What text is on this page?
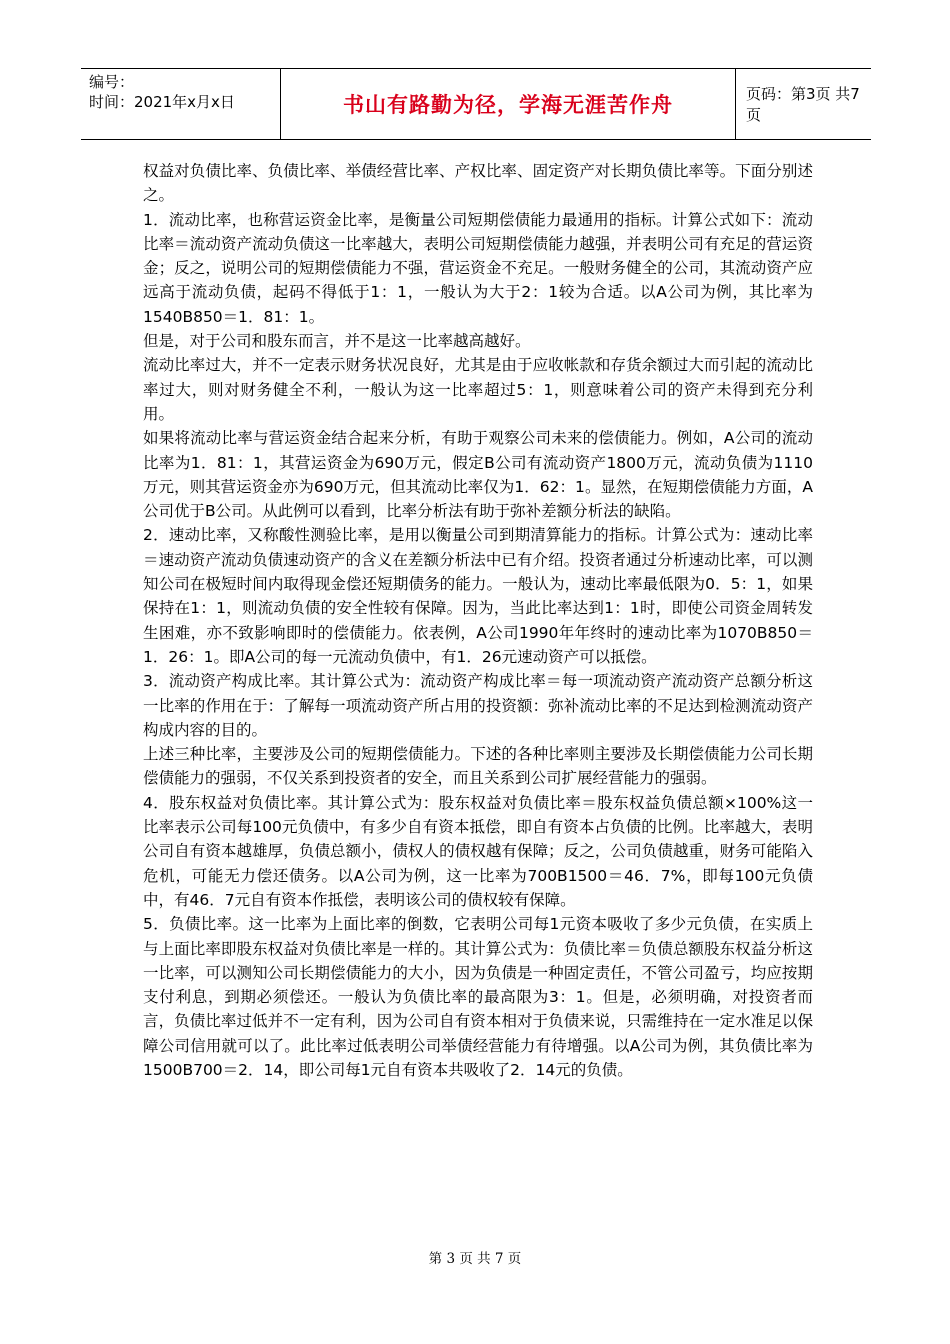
编号：
时间：2021年x月x日	书山有路勤为径，学海无涯苦作舟	页码：第3页 共7页

权益对负债比率、负债比率、举债经营比率、产权比率、固定资产对长期负债比率等。下面分别述之。

1．流动比率，也称营运资金比率，是衡量公司短期偿债能力最通用的指标。计算公式如下：流动比率＝流动资产流动负债这一比率越大，表明公司短期偿债能力越强，并表明公司有充足的营运资金；反之，说明公司的短期偿债能力不强，营运资金不充足。一般财务健全的公司，其流动资产应远高于流动负债，起码不得低于1：1，一般认为大于2：1较为合适。以A公司为例，其比率为1540B850＝1．81：1。

但是，对于公司和股东而言，并不是这一比率越高越好。

流动比率过大，并不一定表示财务状况良好，尤其是由于应收帐款和存货余额过大而引起的流动比率过大，则对财务健全不利，一般认为这一比率超过5：1，则意味着公司的资产未得到充分利用。

如果将流动比率与营运资金结合起来分析，有助于观察公司未来的偿债能力。例如，A公司的流动比率为1．81：1，其营运资金为690万元，假定B公司有流动资产1800万元，流动负债为1110万元，则其营运资金亦为690万元，但其流动比率仅为1．62：1。显然，在短期偿债能力方面，A公司优于B公司。从此例可以看到，比率分析法有助于弥补差额分析法的缺陷。

2．速动比率，又称酸性测验比率，是用以衡量公司到期清算能力的指标。计算公式为：速动比率＝速动资产流动负债速动资产的含义在差额分析法中已有介绍。投资者通过分析速动比率，可以测知公司在极短时间内取得现金偿还短期债务的能力。一般认为，速动比率最低限为0．5：1，如果保持在1：1，则流动负债的安全性较有保障。因为，当此比率达到1：1时，即使公司资金周转发生困难，亦不致影响即时的偿债能力。依表例，A公司1990年年终时的速动比率为1070B850＝1．26：1。即A公司的每一元流动负债中，有1．26元速动资产可以抵偿。

3．流动资产构成比率。其计算公式为：流动资产构成比率＝每一项流动资产流动资产总额分析这一比率的作用在于：了解每一项流动资产所占用的投资额：弥补流动比率的不足达到检测流动资产构成内容的目的。

上述三种比率，主要涉及公司的短期偿债能力。下述的各种比率则主要涉及长期偿债能力公司长期偿债能力的强弱，不仅关系到投资者的安全，而且关系到公司扩展经营能力的强弱。

4．股东权益对负债比率。其计算公式为：股东权益对负债比率＝股东权益负债总额×100%这一比率表示公司每100元负债中，有多少自有资本抵偿，即自有资本占负债的比例。比率越大，表明公司自有资本越雄厚，负债总额小，债权人的债权越有保障；反之，公司负债越重，财务可能陷入危机，可能无力偿还债务。以A公司为例，这一比率为700B1500＝46．7%，即每100元负债中，有46．7元自有资本作抵偿，表明该公司的债权较有保障。

5．负债比率。这一比率为上面比率的倒数，它表明公司每1元资本吸收了多少元负债，在实质上与上面比率即股东权益对负债比率是一样的。其计算公式为：负债比率＝负债总额股东权益分析这一比率，可以测知公司长期偿债能力的大小，因为负债是一种固定责任，不管公司盈亏，均应按期支付利息，到期必须偿还。一般认为负债比率的最高限为3：1。但是，必须明确，对投资者而言，负债比率过低并不一定有利，因为公司自有资本相对于负债来说，只需维持在一定水准足以保障公司信用就可以了。此比率过低表明公司举债经营能力有待增强。以A公司为例，其负债比率为1500B700＝2．14，即公司每1元自有资本共吸收了2．14元的负债。

第 3 页 共 7 页
